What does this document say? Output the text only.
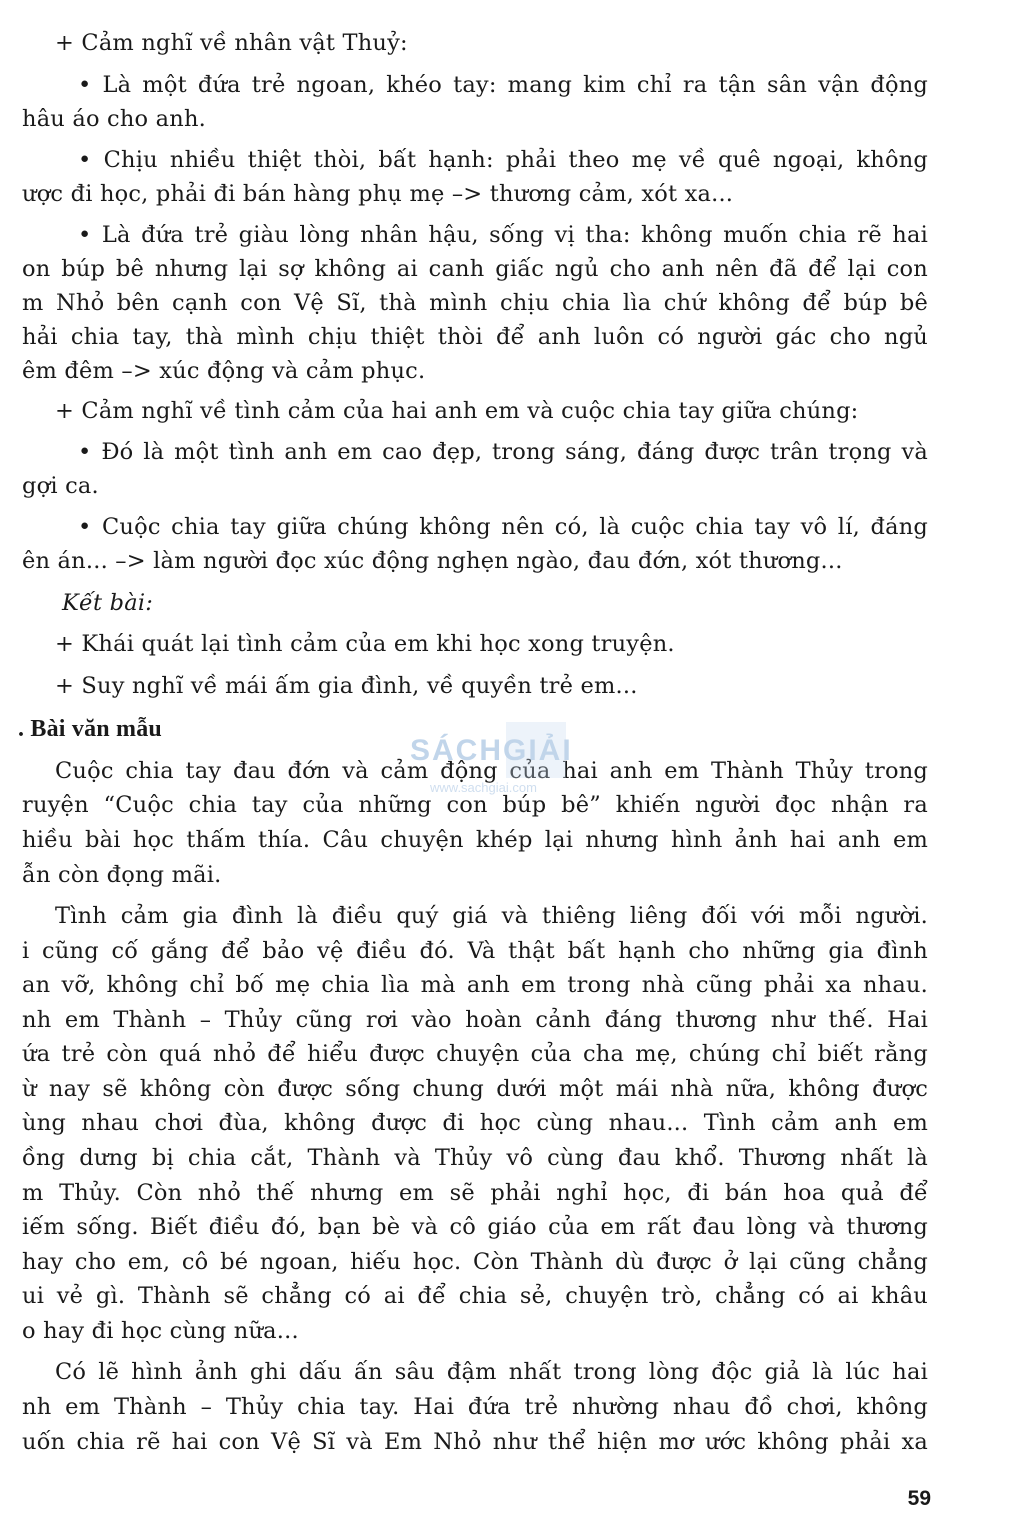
+ Cảm nghĩ về nhân vật Thuỷ:
• Là một đứa trẻ ngoan, khéo tay: mang kim chỉ ra tận sân vận động
hâu áo cho anh.
• Chịu nhiều thiệt thòi, bất hạnh: phải theo mẹ về quê ngoại, không
ược đi học, phải đi bán hàng phụ mẹ –> thương cảm, xót xa...
• Là đứa trẻ giàu lòng nhân hậu, sống vị tha: không muốn chia rẽ hai
on búp bê nhưng lại sợ không ai canh giấc ngủ cho anh nên đã để lại con
m Nhỏ bên cạnh con Vệ Sĩ, thà mình chịu chia lìa chứ không để búp bê
hải chia tay, thà mình chịu thiệt thòi để anh luôn có người gác cho ngủ
êm đêm –> xúc động và cảm phục.
+ Cảm nghĩ về tình cảm của hai anh em và cuộc chia tay giữa chúng:
• Đó là một tình anh em cao đẹp, trong sáng, đáng được trân trọng và
gợi ca.
• Cuộc chia tay giữa chúng không nên có, là cuộc chia tay vô lí, đáng
ên án... –> làm người đọc xúc động nghẹn ngào, đau đớn, xót thương...
Kết bài:
+ Khái quát lại tình cảm của em khi học xong truyện.
+ Suy nghĩ về mái ấm gia đình, về quyền trẻ em...
. Bài văn mẫu
Cuộc chia tay đau đớn và cảm động của hai anh em Thành Thủy trong
ruyện “Cuộc chia tay của những con búp bê” khiến người đọc nhận ra
hiều bài học thấm thía. Câu chuyện khép lại nhưng hình ảnh hai anh em
ẫn còn đọng mãi.
Tình cảm gia đình là điều quý giá và thiêng liêng đối với mỗi người.
i cũng cố gắng để bảo vệ điều đó. Và thật bất hạnh cho những gia đình
an vỡ, không chỉ bố mẹ chia lìa mà anh em trong nhà cũng phải xa nhau.
nh em Thành – Thủy cũng rơi vào hoàn cảnh đáng thương như thế. Hai
ứa trẻ còn quá nhỏ để hiểu được chuyện của cha mẹ, chúng chỉ biết rằng
ừ nay sẽ không còn được sống chung dưới một mái nhà nữa, không được
ùng nhau chơi đùa, không được đi học cùng nhau... Tình cảm anh em
ồng dưng bị chia cắt, Thành và Thủy vô cùng đau khổ. Thương nhất là
m Thủy. Còn nhỏ thế nhưng em sẽ phải nghỉ học, đi bán hoa quả để
iếm sống. Biết điều đó, bạn bè và cô giáo của em rất đau lòng và thương
hay cho em, cô bé ngoan, hiếu học. Còn Thành dù được ở lại cũng chẳng
ui vẻ gì. Thành sẽ chẳng có ai để chia sẻ, chuyện trò, chẳng có ai khâu
o hay đi học cùng nữa...
Có lẽ hình ảnh ghi dấu ấn sâu đậm nhất trong lòng độc giả là lúc hai
nh em Thành – Thủy chia tay. Hai đứa trẻ nhường nhau đồ chơi, không
uốn chia rẽ hai con Vệ Sĩ và Em Nhỏ như thể hiện mơ ước không phải xa
SÁCHGIẢI
www.sachgiai.com
59
